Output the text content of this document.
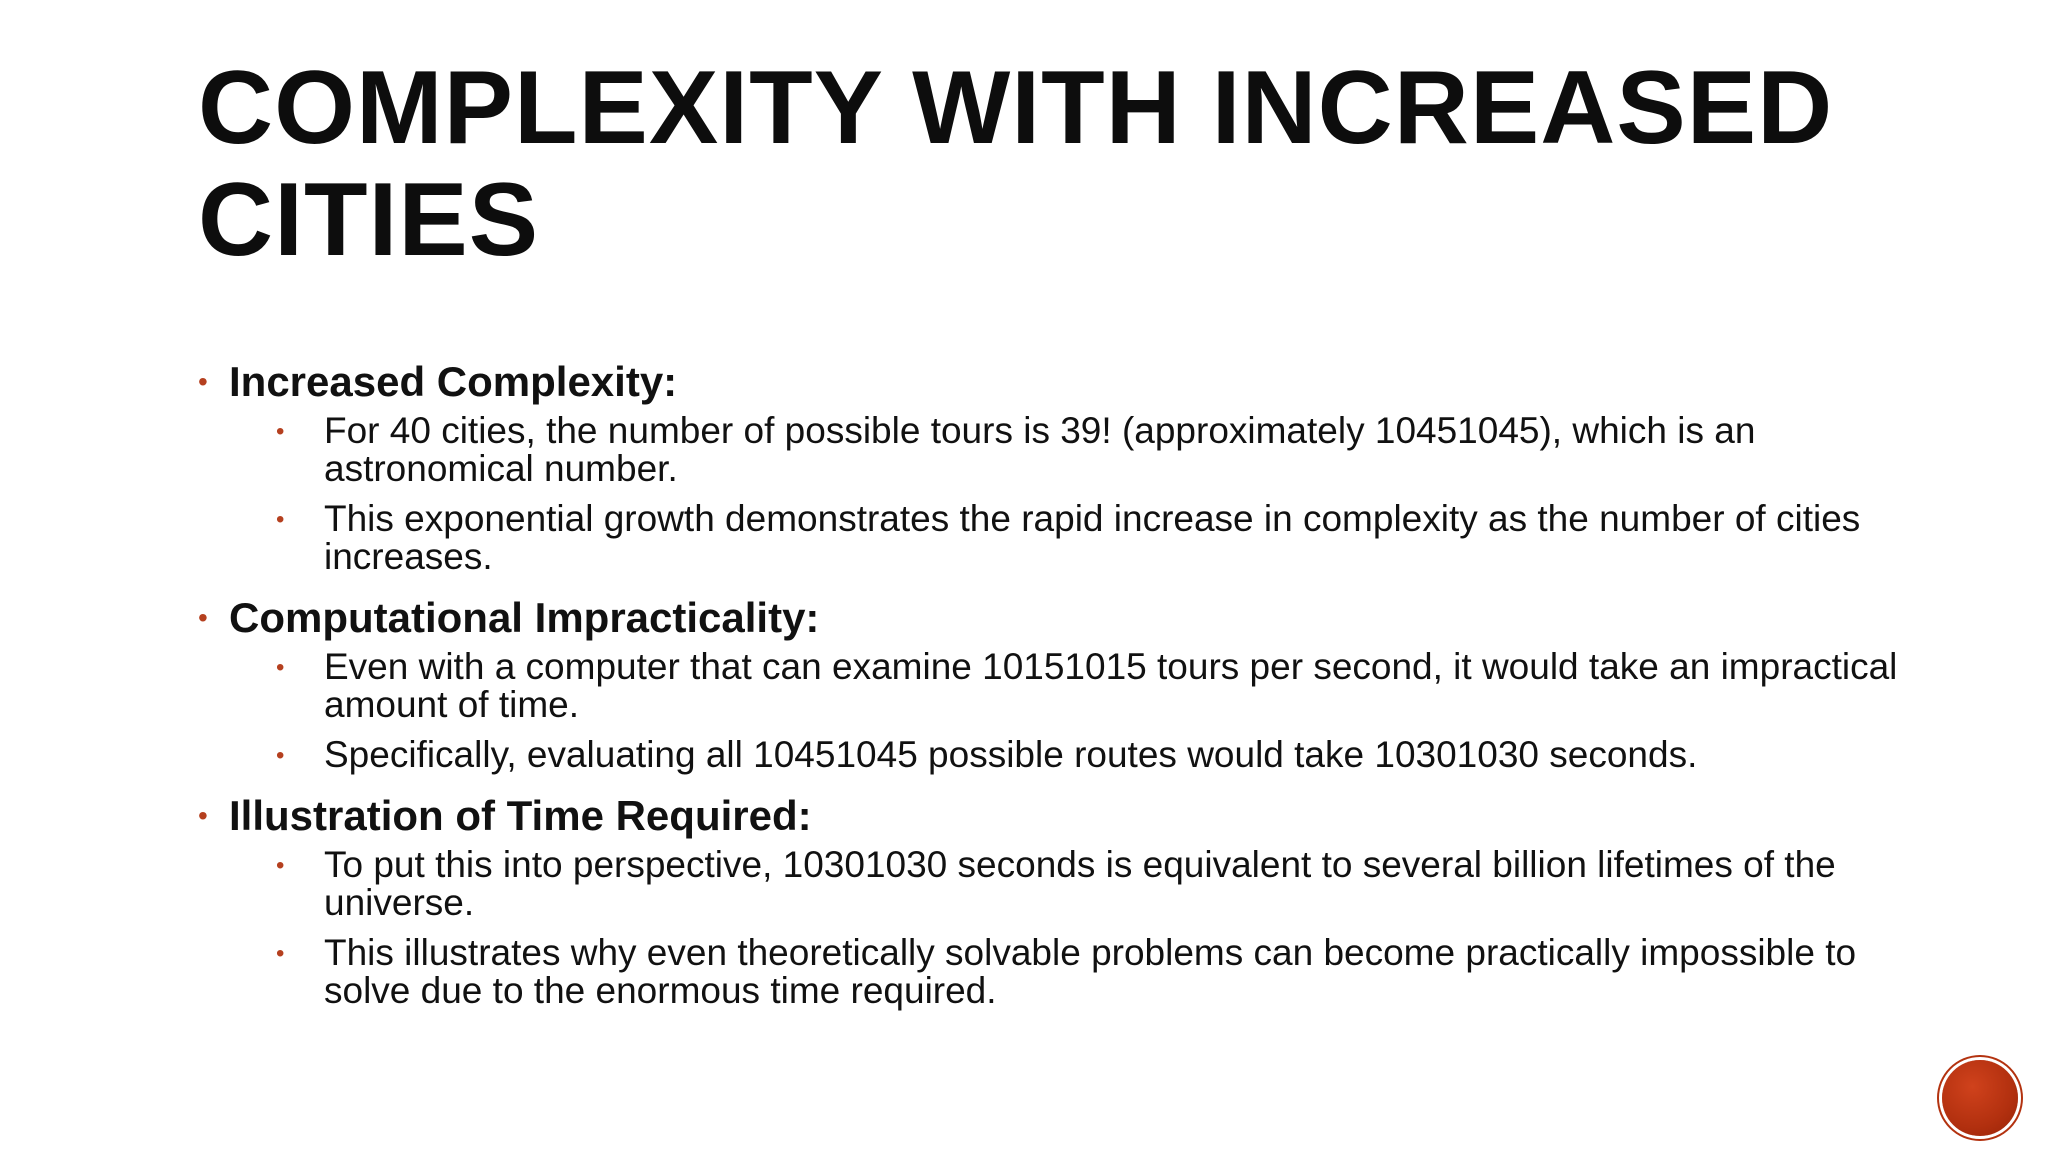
COMPLEXITY WITH INCREASED CITIES
• Increased Complexity:
• For 40 cities, the number of possible tours is 39! (approximately 10451045), which is an astronomical number.
• This exponential growth demonstrates the rapid increase in complexity as the number of cities increases.
• Computational Impracticality:
• Even with a computer that can examine 10151015 tours per second, it would take an impractical amount of time.
• Specifically, evaluating all 10451045 possible routes would take 10301030 seconds.
• Illustration of Time Required:
• To put this into perspective, 10301030 seconds is equivalent to several billion lifetimes of the universe.
• This illustrates why even theoretically solvable problems can become practically impossible to solve due to the enormous time required.
